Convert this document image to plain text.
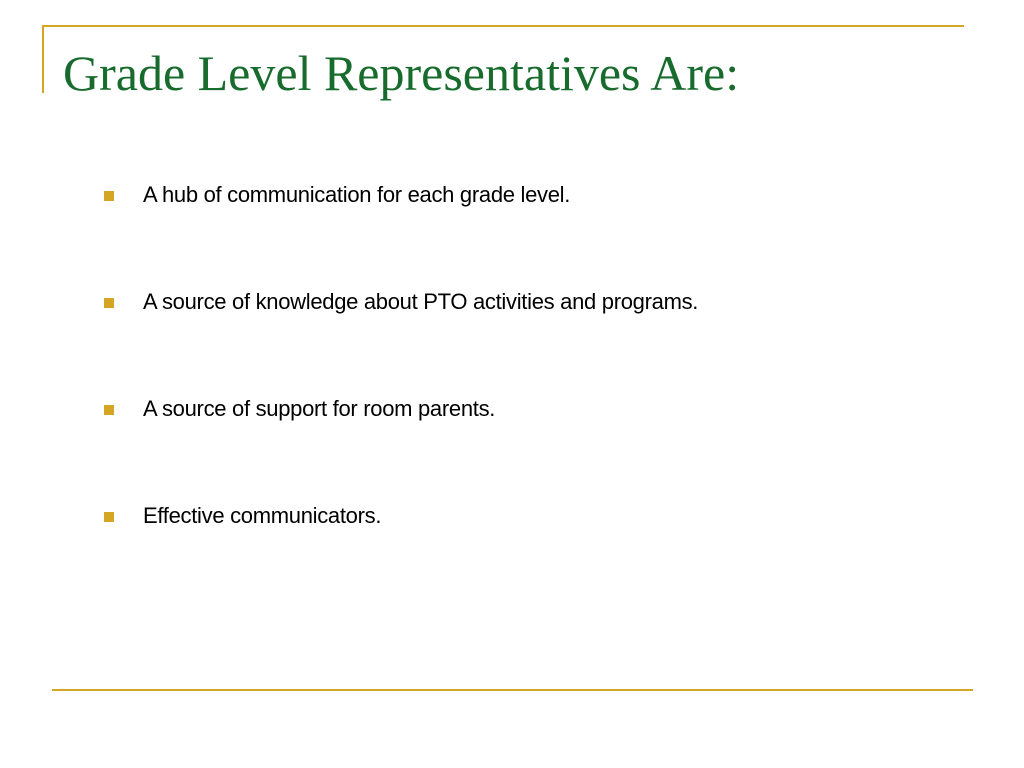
Grade Level Representatives Are:
A hub of communication for each grade level.
A source of knowledge about PTO activities and programs.
A source of support for room parents.
Effective communicators.
